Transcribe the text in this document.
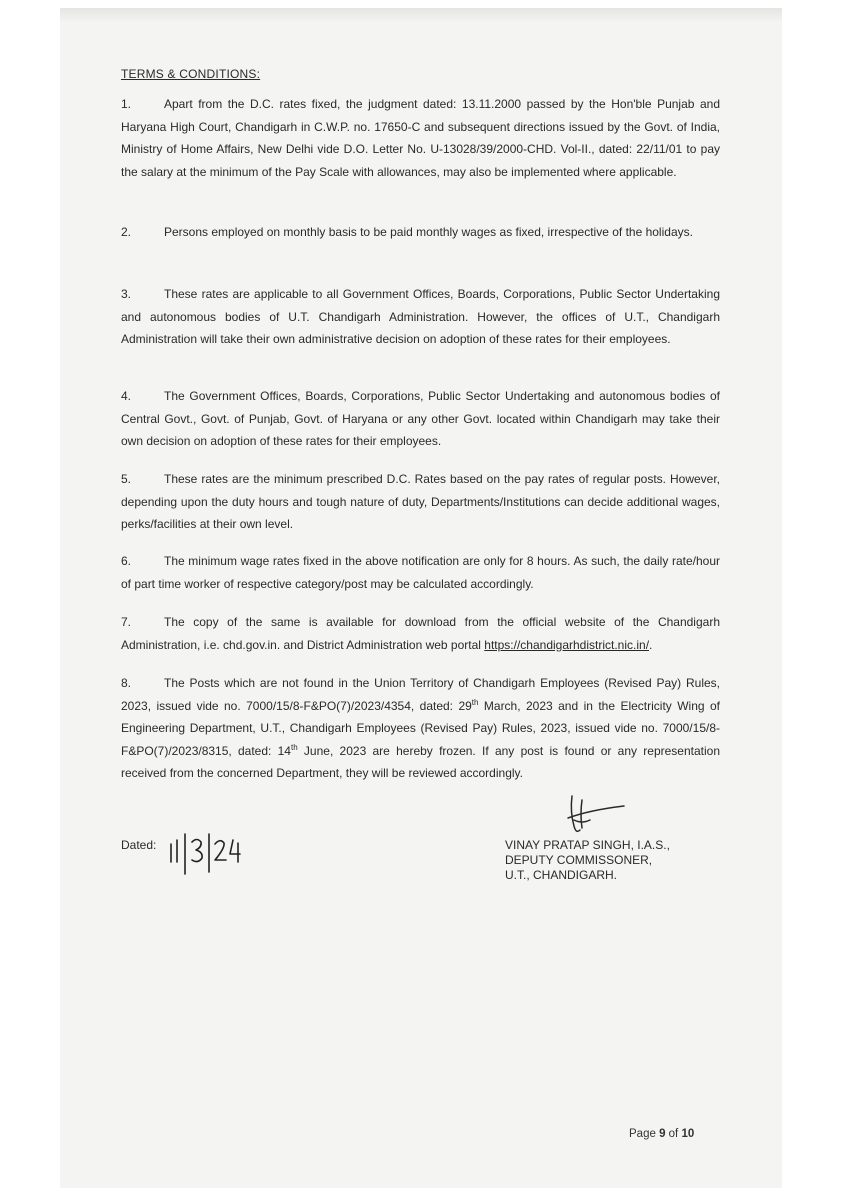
TERMS & CONDITIONS:

1.	Apart from the D.C. rates fixed, the judgment dated: 13.11.2000 passed by the Hon'ble Punjab and Haryana High Court, Chandigarh in C.W.P. no. 17650-C and subsequent directions issued by the Govt. of India, Ministry of Home Affairs, New Delhi vide D.O. Letter No. U-13028/39/2000-CHD. Vol-II., dated: 22/11/01 to pay the salary at the minimum of the Pay Scale with allowances, may also be implemented where applicable.

2.	Persons employed on monthly basis to be paid monthly wages as fixed, irrespective of the holidays.

3.	These rates are applicable to all Government Offices, Boards, Corporations, Public Sector Undertaking and autonomous bodies of U.T. Chandigarh Administration. However, the offices of U.T., Chandigarh Administration will take their own administrative decision on adoption of these rates for their employees.

4.	The Government Offices, Boards, Corporations, Public Sector Undertaking and autonomous bodies of Central Govt., Govt. of Punjab, Govt. of Haryana or any other Govt. located within Chandigarh may take their own decision on adoption of these rates for their employees.

5.	These rates are the minimum prescribed D.C. Rates based on the pay rates of regular posts. However, depending upon the duty hours and tough nature of duty, Departments/Institutions can decide additional wages, perks/facilities at their own level.

6.	The minimum wage rates fixed in the above notification are only for 8 hours. As such, the daily rate/hour of part time worker of respective category/post may be calculated accordingly.

7.	The copy of the same is available for download from the official website of the Chandigarh Administration, i.e. chd.gov.in. and District Administration web portal https://chandigarhdistrict.nic.in/.

8.	The Posts which are not found in the Union Territory of Chandigarh Employees (Revised Pay) Rules, 2023, issued vide no. 7000/15/8-F&PO(7)/2023/4354, dated: 29th March, 2023 and in the Electricity Wing of Engineering Department, U.T., Chandigarh Employees (Revised Pay) Rules, 2023, issued vide no. 7000/15/8-F&PO(7)/2023/8315, dated: 14th June, 2023 are hereby frozen. If any post is found or any representation received from the concerned Department, they will be reviewed accordingly.

Dated:	VINAY PRATAP SINGH, I.A.S.,
DEPUTY COMMISSONER,
U.T., CHANDIGARH.
Page 9 of 10
